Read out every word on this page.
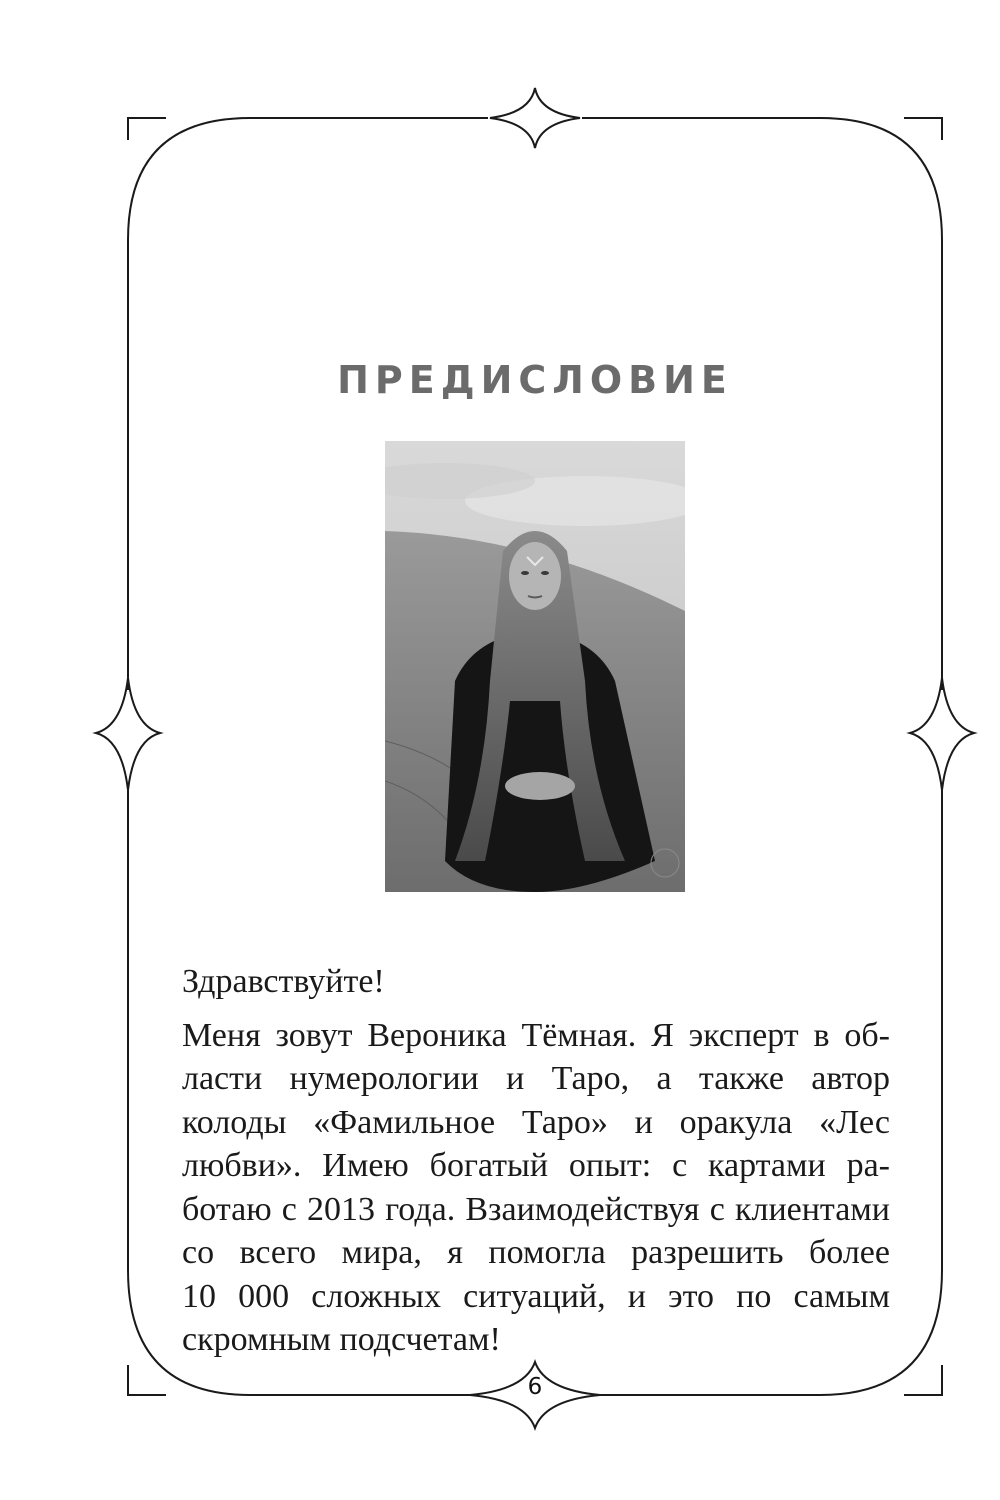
ПРЕДИСЛОВИЕ
Здравствуйте!
Меня зовут Вероника Тёмная. Я эксперт в об-
ласти нумерологии и Таро, а также автор
колоды «Фамильное Таро» и оракула «Лес
любви». Имею богатый опыт: с картами ра-
ботаю с 2013 года. Взаимодействуя с клиентами
со всего мира, я помогла разрешить более
10 000 сложных ситуаций, и это по самым
скромным подсчетам!
6
